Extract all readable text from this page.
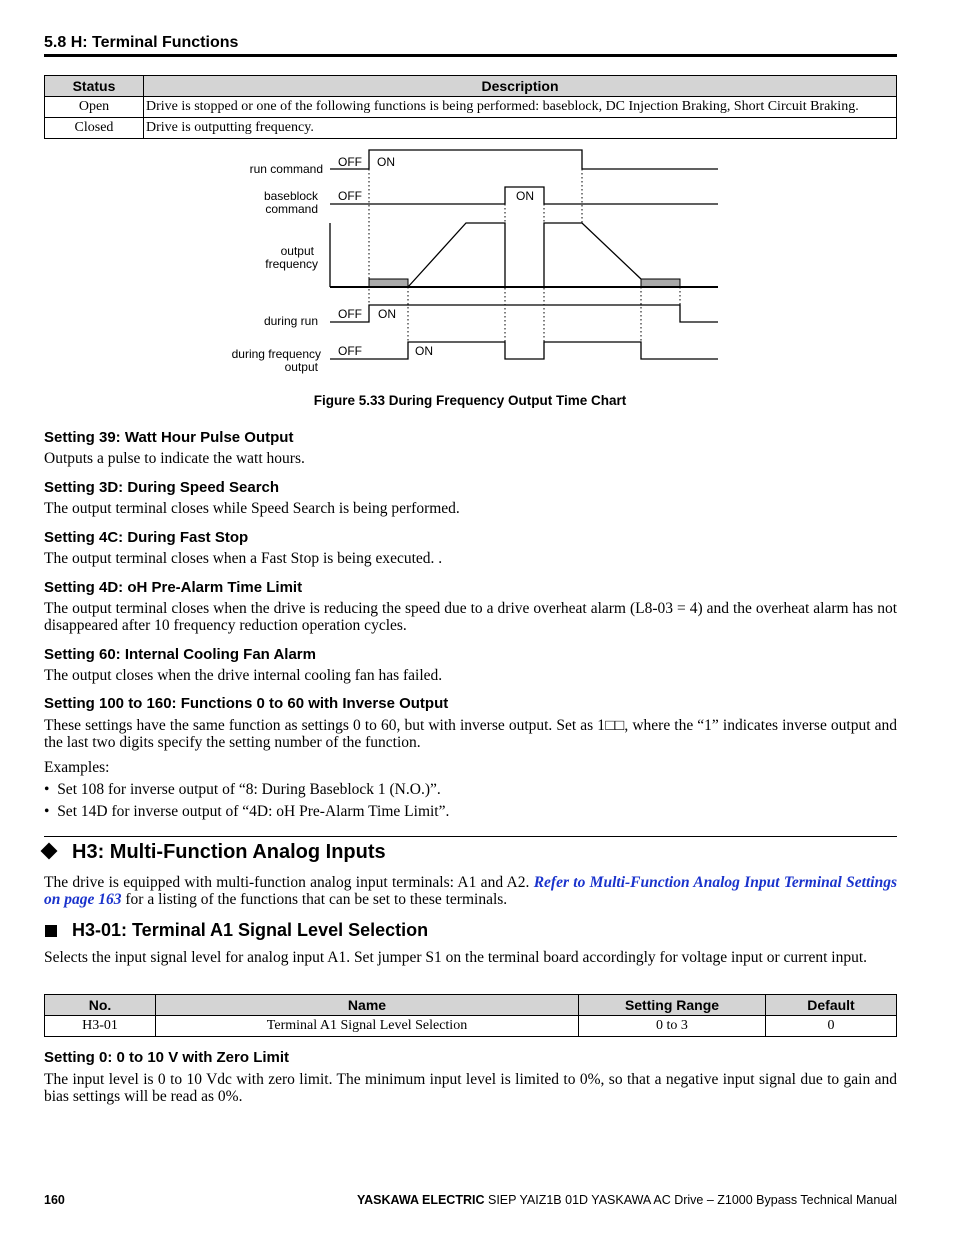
5.8 H: Terminal Functions
Status	Description
Open	Drive is stopped or one of the following functions is being performed: baseblock, DC Injection Braking, Short Circuit Braking.
Closed	Drive is outputting frequency.
run command
baseblock
command
output
frequency
during run
during frequency
output
OFF ON
OFF	ON
OFF ON
OFF	ON
Figure 5.33 During Frequency Output Time Chart
Setting 39: Watt Hour Pulse Output
Outputs a pulse to indicate the watt hours.
Setting 3D: During Speed Search
The output terminal closes while Speed Search is being performed.
Setting 4C: During Fast Stop
The output terminal closes when a Fast Stop is being executed. .
Setting 4D: oH Pre-Alarm Time Limit
The output terminal closes when the drive is reducing the speed due to a drive overheat alarm (L8-03 = 4) and the overheat alarm has not disappeared after 10 frequency reduction operation cycles.
Setting 60: Internal Cooling Fan Alarm
The output closes when the drive internal cooling fan has failed.
Setting 100 to 160: Functions 0 to 60 with Inverse Output
These settings have the same function as settings 0 to 60, but with inverse output. Set as 1□□, where the “1” indicates inverse output and the last two digits specify the setting number of the function.
Examples:
•  Set 108 for inverse output of “8: During Baseblock 1 (N.O.)”.
•  Set 14D for inverse output of “4D: oH Pre-Alarm Time Limit”.
H3: Multi-Function Analog Inputs
The drive is equipped with multi-function analog input terminals: A1 and A2. Refer to Multi-Function Analog Input Terminal Settings on page 163 for a listing of the functions that can be set to these terminals.
H3-01: Terminal A1 Signal Level Selection
Selects the input signal level for analog input A1. Set jumper S1 on the terminal board accordingly for voltage input or current input.
No.	Name	Setting Range	Default
H3-01	Terminal A1 Signal Level Selection	0 to 3	0
Setting 0: 0 to 10 V with Zero Limit
The input level is 0 to 10 Vdc with zero limit. The minimum input level is limited to 0%, so that a negative input signal due to gain and bias settings will be read as 0%.
160	YASKAWA ELECTRIC SIEP YAIZ1B 01D YASKAWA AC Drive – Z1000 Bypass Technical Manual
